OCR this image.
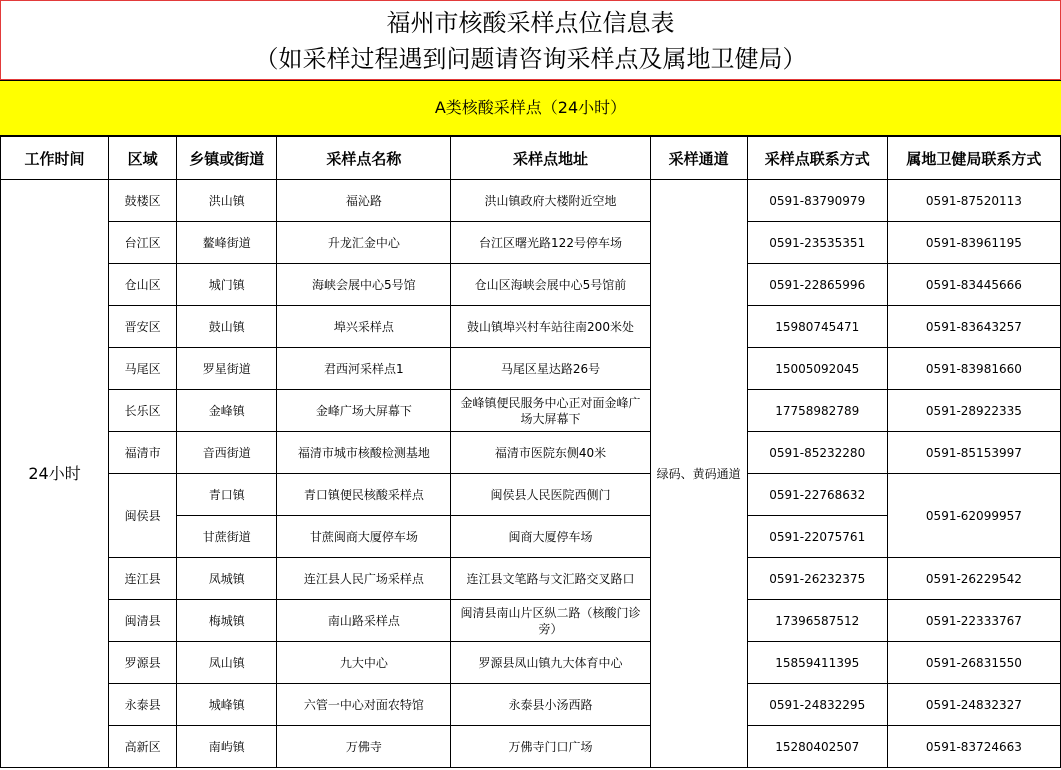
福州市核酸采样点位信息表
（如采样过程遇到问题请咨询采样点及属地卫健局）
A类核酸采样点（24小时）
工作时间	区域	乡镇或街道	采样点名称	采样点地址	采样通道	采样点联系方式	属地卫健局联系方式
24小时	鼓楼区	洪山镇	福沁路	洪山镇政府大楼附近空地	绿码、黄码通道	0591-83790979	0591-87520113
	台江区	鳌峰街道	升龙汇金中心	台江区曙光路122号停车场		0591-23535351	0591-83961195
	仓山区	城门镇	海峡会展中心5号馆	仓山区海峡会展中心5号馆前		0591-22865996	0591-83445666
	晋安区	鼓山镇	埠兴采样点	鼓山镇埠兴村车站往南200米处		15980745471	0591-83643257
	马尾区	罗星街道	君西河采样点1	马尾区星达路26号		15005092045	0591-83981660
	长乐区	金峰镇	金峰广场大屏幕下	金峰镇便民服务中心正对面金峰广场大屏幕下		17758982789	0591-28922335
	福清市	音西街道	福清市城市核酸检测基地	福清市医院东侧40米		0591-85232280	0591-85153997
	闽侯县	青口镇	青口镇便民核酸采样点	闽侯县人民医院西侧门		0591-22768632	0591-62099957
		甘蔗街道	甘蔗闽商大厦停车场	闽商大厦停车场		0591-22075761	
	连江县	凤城镇	连江县人民广场采样点	连江县文笔路与文汇路交叉路口		0591-26232375	0591-26229542
	闽清县	梅城镇	南山路采样点	闽清县南山片区纵二路（核酸门诊旁）		17396587512	0591-22333767
	罗源县	凤山镇	九大中心	罗源县凤山镇九大体育中心		15859411395	0591-26831550
	永泰县	城峰镇	六管一中心对面农特馆	永泰县小汤西路		0591-24832295	0591-24832327
	高新区	南屿镇	万佛寺	万佛寺门口广场		15280402507	0591-83724663
